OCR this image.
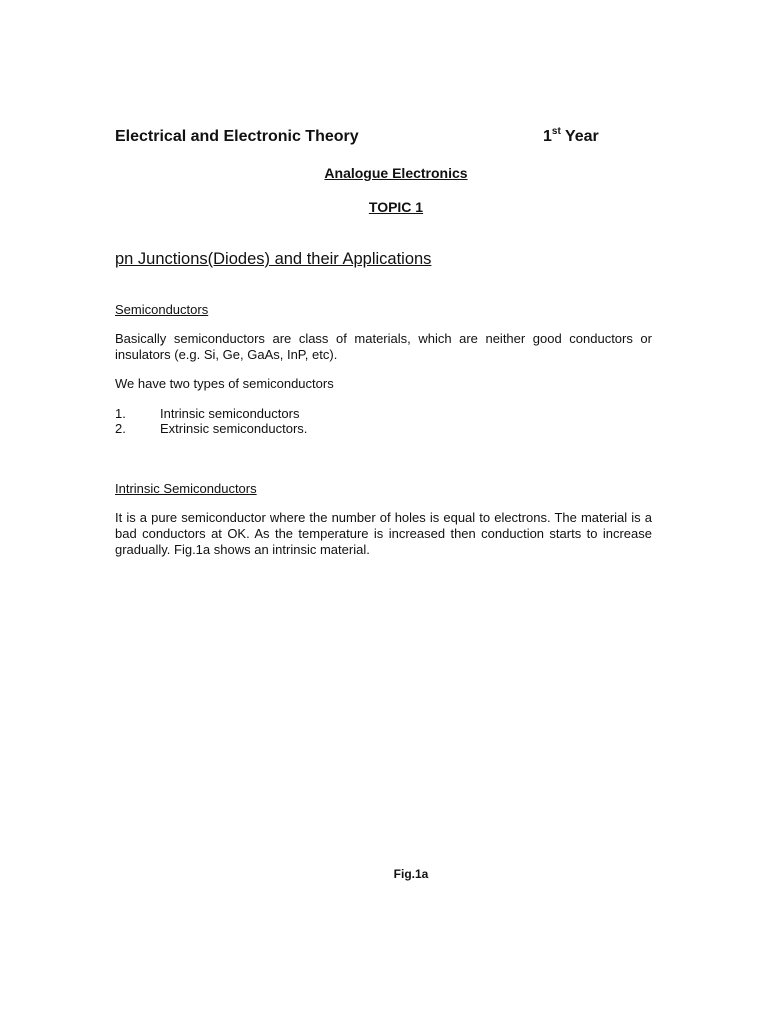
Electrical and Electronic Theory	1st Year
Analogue Electronics
TOPIC 1
pn Junctions(Diodes) and their Applications
Semiconductors

Basically semiconductors are class of materials, which are neither good conductors or insulators (e.g. Si, Ge, GaAs, InP, etc).

We have two types of semiconductors
1.	Intrinsic semiconductors
2.	Extrinsic semiconductors.
Intrinsic Semiconductors

It is a pure semiconductor where the number of holes is equal to electrons. The material is a bad conductors at OK. As the temperature is increased then conduction starts to increase gradually. Fig.1a shows an intrinsic material.

Fig.1a
